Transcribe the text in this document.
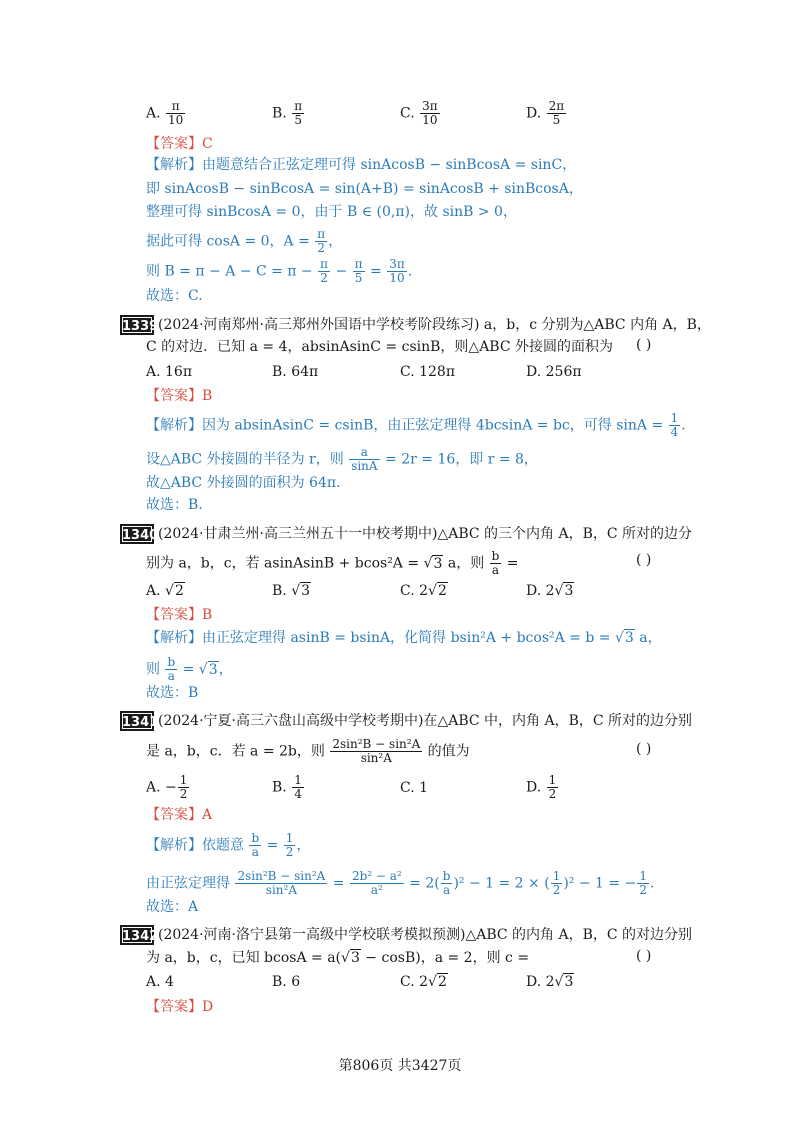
A. $\frac{\pi}{10}$	B. $\frac{\pi}{5}$	C. $\frac{3\pi}{10}$	D. $\frac{2\pi}{5}$
【答案】C
【解析】由题意结合正弦定理可得 sinAcosB − sinBcosA = sinC，
即 sinAcosB − sinBcosA = sin(A+B) = sinAcosB + sinBcosA，
整理可得 sinBcosA = 0，由于 B ∈ (0,π)，故 sinB > 0，
据此可得 cosA = 0，$A = \frac{\pi}{2}$ ，
则 $B = \pi - A - C = \pi - \frac{\pi}{2} - \frac{\pi}{5} = \frac{3\pi}{10}$ .
故选：C.
1339 (2024·河南郑州·高三郑州外国语中学校考阶段练习) a，b，c 分别为△ABC 内角 A，B，
C 的对边．已知 a = 4，absinAsinC = csinB，则△ABC 外接圆的面积为 ( )
A. 16π	B. 64π	C. 128π	D. 256π
【答案】B
【解析】因为 absinAsinC = csinB，由正弦定理得 4bcsinA = bc，可得 $\sin A = \frac{1}{4}$ .
设△ABC 外接圆的半径为 r，则 $\frac{a}{\sin A} = 2r = 16$，即 r = 8，
故△ABC 外接圆的面积为 64π.
故选：B.
1340 (2024·甘肃兰州·高三兰州五十一中校考期中)△ABC 的三个内角 A，B，C 所对的边分
别为 a，b，c，若 asinAsinB + bcos²A = √3 a，则 $\frac{b}{a}$ =	( )
A. √2	B. √3	C. 2√2	D. 2√3
【答案】B
【解析】由正弦定理得 asinB = bsinA，化简得 bsin²A + bcos²A = b = √3 a，
则 $\frac{b}{a} = √3$，
故选：B
1341 (2024·宁夏·高三六盘山高级中学校考期中)在△ABC 中，内角 A，B，C 所对的边分别
是 a，b，c．若 a = 2b，则 $\frac{\text{2sin²B − sin²A}}{\text{sin²A}}$ 的值为	( )
A. − $\frac{1}{2}$	B. $\frac{1}{4}$	C. 1	D. $\frac{1}{2}$
【答案】A
【解析】依题意 $\frac{b}{a} = \frac{1}{2}$ ，
由正弦定理得 $\frac{\text{2sin²B − sin²A}}{\text{sin²A}} = \frac{\text{2b² − a²}}{\text{a²}} = 2( \frac{b}{a} )^2 - 1 = 2$ × ( $\frac{1}{2} )^2 - 1$ = − $\frac{1}{2}$ .
故选：A
1342 (2024·河南·洛宁县第一高级中学校联考模拟预测)△ABC 的内角 A，B，C 的对边分别
为 a，b，c，已知 bcosA = a(√3 − cosB)，a = 2，则 c =	( )
A. 4	B. 6	C. 2√2	D. 2√3
【答案】D
第806页 共3427页
